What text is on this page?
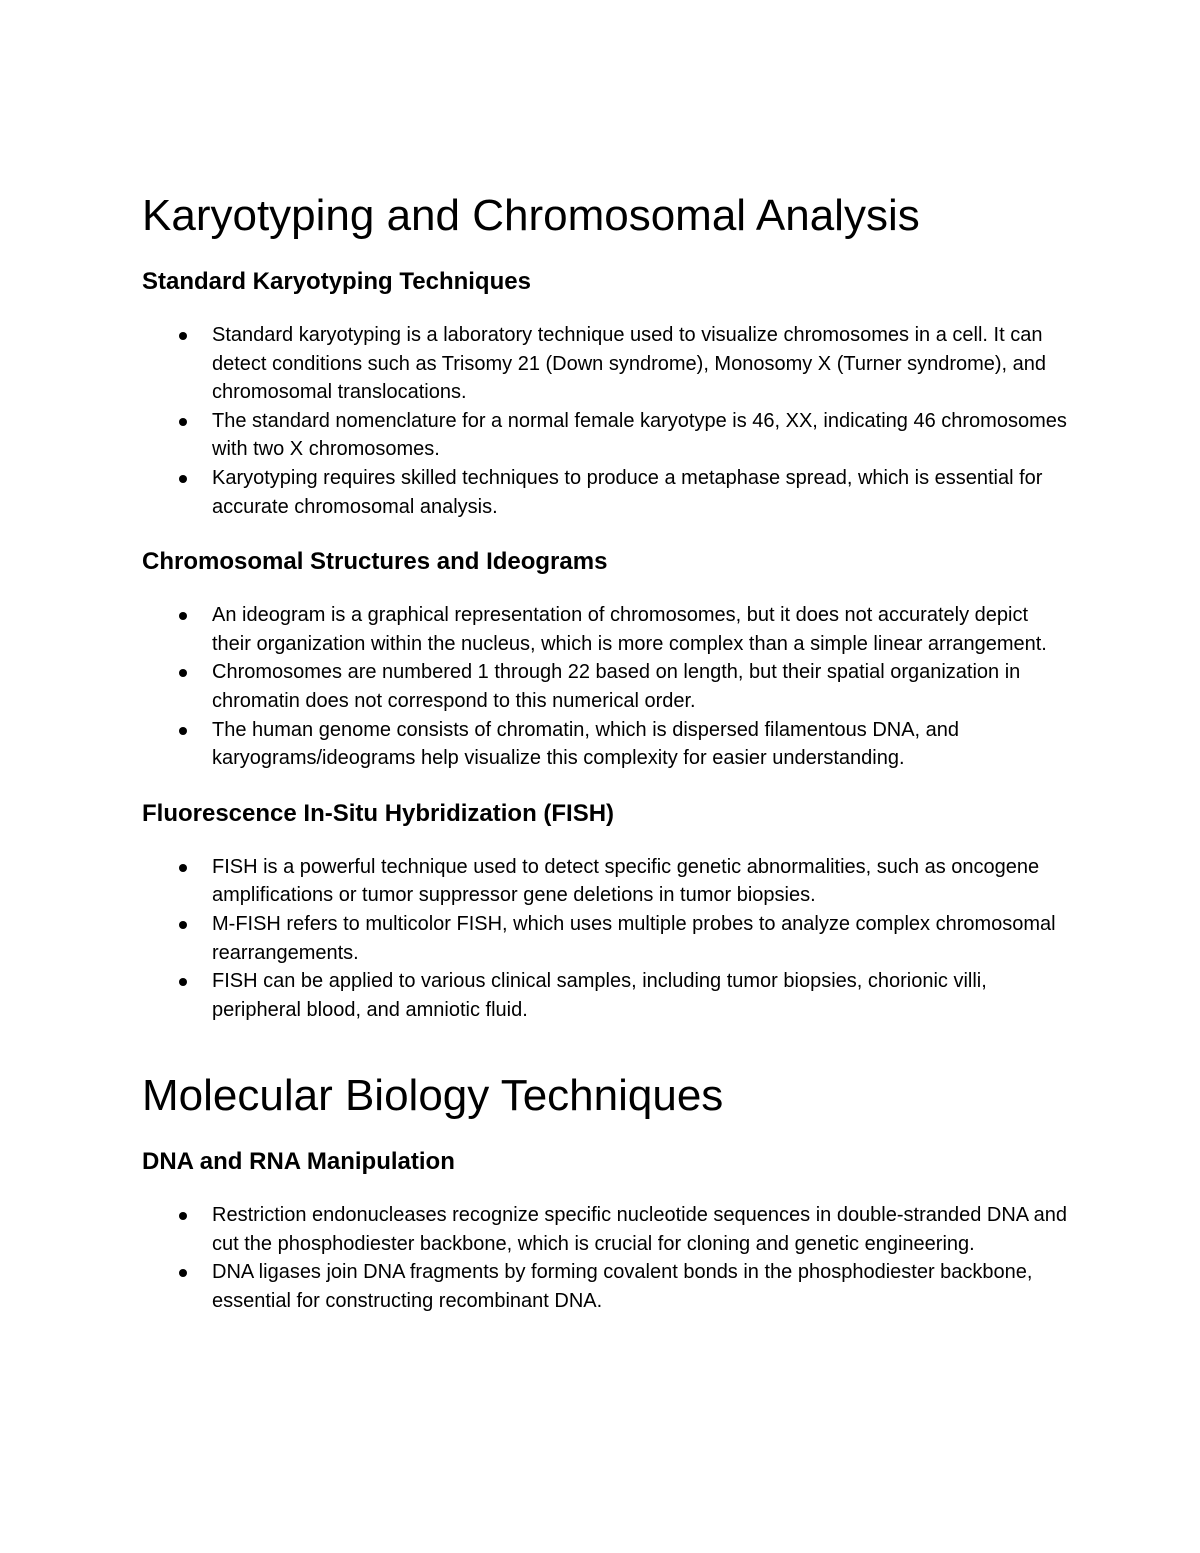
Karyotyping and Chromosomal Analysis
Standard Karyotyping Techniques
Standard karyotyping is a laboratory technique used to visualize chromosomes in a cell. It can detect conditions such as Trisomy 21 (Down syndrome), Monosomy X (Turner syndrome), and chromosomal translocations.
The standard nomenclature for a normal female karyotype is 46, XX, indicating 46 chromosomes with two X chromosomes.
Karyotyping requires skilled techniques to produce a metaphase spread, which is essential for accurate chromosomal analysis.
Chromosomal Structures and Ideograms
An ideogram is a graphical representation of chromosomes, but it does not accurately depict their organization within the nucleus, which is more complex than a simple linear arrangement.
Chromosomes are numbered 1 through 22 based on length, but their spatial organization in chromatin does not correspond to this numerical order.
The human genome consists of chromatin, which is dispersed filamentous DNA, and karyograms/ideograms help visualize this complexity for easier understanding.
Fluorescence In-Situ Hybridization (FISH)
FISH is a powerful technique used to detect specific genetic abnormalities, such as oncogene amplifications or tumor suppressor gene deletions in tumor biopsies.
M-FISH refers to multicolor FISH, which uses multiple probes to analyze complex chromosomal rearrangements.
FISH can be applied to various clinical samples, including tumor biopsies, chorionic villi, peripheral blood, and amniotic fluid.
Molecular Biology Techniques
DNA and RNA Manipulation
Restriction endonucleases recognize specific nucleotide sequences in double-stranded DNA and cut the phosphodiester backbone, which is crucial for cloning and genetic engineering.
DNA ligases join DNA fragments by forming covalent bonds in the phosphodiester backbone, essential for constructing recombinant DNA.
